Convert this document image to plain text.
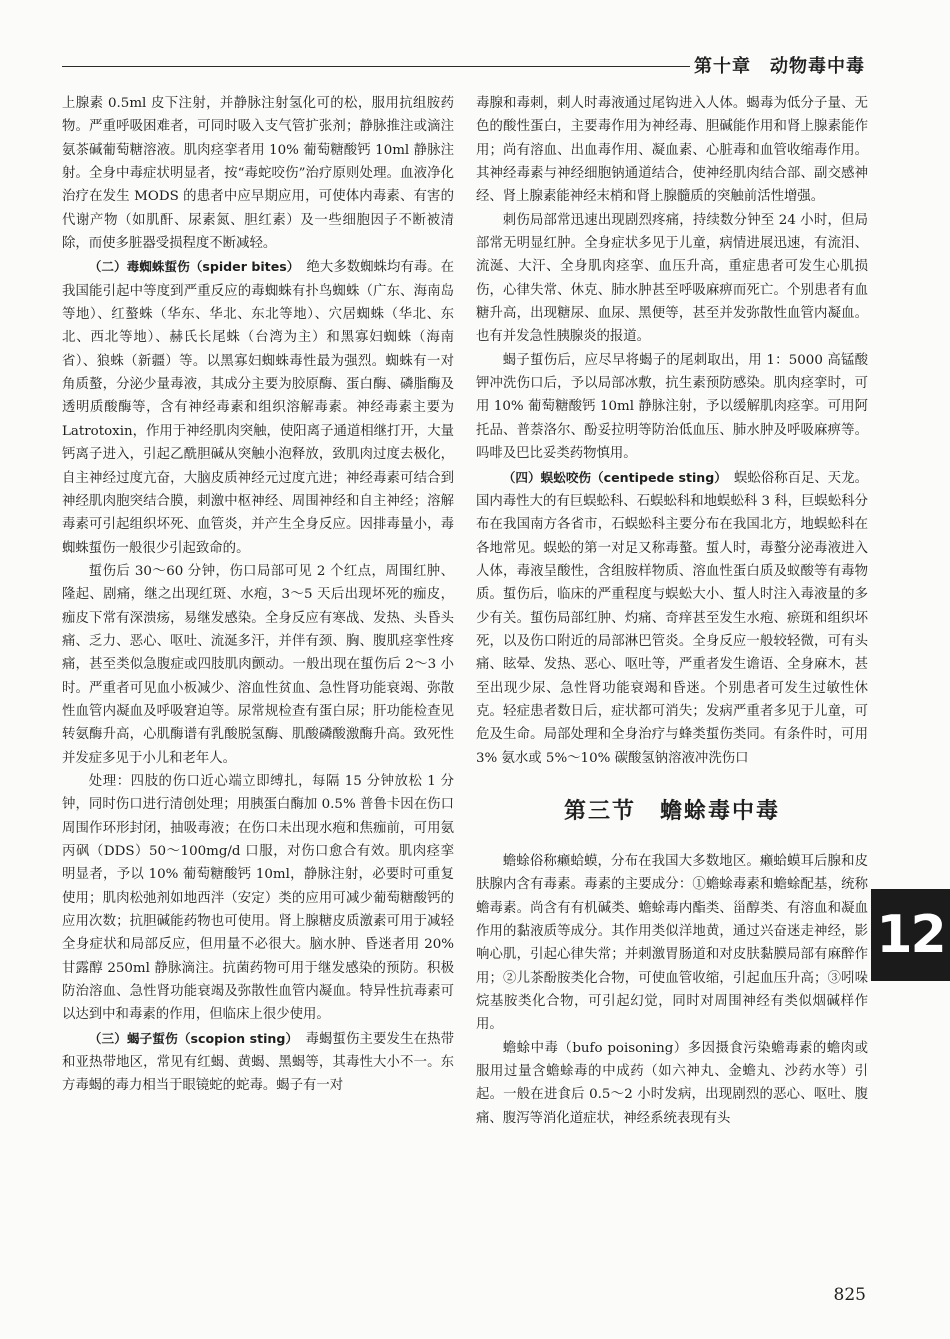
第十章　动物毒中毒

上腺素 0.5ml 皮下注射，并静脉注射氢化可的松，服用抗组胺药物。严重呼吸困难者，可同时吸入支气管扩张剂；静脉推注或滴注氨茶碱葡萄糖溶液。肌肉痉挛者用 10% 葡萄糖酸钙 10ml 静脉注射。全身中毒症状明显者，按“毒蛇咬伤”治疗原则处理。血液净化治疗在发生 MODS 的患者中应早期应用，可使体内毒素、有害的代谢产物（如肌酐、尿素氮、胆红素）及一些细胞因子不断被清除，而使多脏器受损程度不断减轻。

（二）毒蜘蛛蜇伤（spider bites）　 绝大多数蜘蛛均有毒。在我国能引起中等度到严重反应的毒蜘蛛有扑鸟蜘蛛（广东、海南岛等地）、红螯蛛（华东、华北、东北等地）、穴居蜘蛛（华北、东北、西北等地）、赫氏长尾蛛（台湾为主）和黑寡妇蜘蛛（海南省）、狼蛛（新疆）等。以黑寡妇蜘蛛毒性最为强烈。蜘蛛有一对角质螯，分泌少量毒液，其成分主要为胶原酶、蛋白酶、磷脂酶及透明质酸酶等，含有神经毒素和组织溶解毒素。神经毒素主要为 Latrotoxin，作用于神经肌肉突触，使阳离子通道相继打开，大量钙离子进入，引起乙酰胆碱从突触小泡释放，致肌肉过度去极化，自主神经过度亢奋，大脑皮质神经元过度亢进；神经毒素可结合到神经肌肉胞突结合膜，刺激中枢神经、周围神经和自主神经；溶解毒素可引起组织坏死、血管炎，并产生全身反应。因排毒量小，毒蜘蛛蜇伤一般很少引起致命的。

蜇伤后 30～60 分钟，伤口局部可见 2 个红点，周围红肿、隆起、剧痛，继之出现红斑、水疱，3～5 天后出现坏死的痂皮，痂皮下常有深溃疡，易继发感染。全身反应有寒战、发热、头昏头痛、乏力、恶心、呕吐、流涎多汗，并伴有颈、胸、腹肌痉挛性疼痛，甚至类似急腹症或四肢肌肉颤动。一般出现在蜇伤后 2～3 小时。严重者可见血小板减少、溶血性贫血、急性肾功能衰竭、弥散性血管内凝血及呼吸窘迫等。尿常规检查有蛋白尿；肝功能检查见转氨酶升高，心肌酶谱有乳酸脱氢酶、肌酸磷酸激酶升高。致死性并发症多见于小儿和老年人。

处理：四肢的伤口近心端立即缚扎，每隔 15 分钟放松 1 分钟，同时伤口进行清创处理；用胰蛋白酶加 0.5% 普鲁卡因在伤口周围作环形封闭，抽吸毒液；在伤口未出现水疱和焦痂前，可用氨丙砜（DDS）50～100mg/d 口服，对伤口愈合有效。肌肉痉挛明显者，予以 10% 葡萄糖酸钙 10ml，静脉注射，必要时可重复使用；肌肉松弛剂如地西泮（安定）类的应用可减少葡萄糖酸钙的应用次数；抗胆碱能药物也可使用。肾上腺糖皮质激素可用于减轻全身症状和局部反应，但用量不必很大。脑水肿、昏迷者用 20% 甘露醇 250ml 静脉滴注。抗菌药物可用于继发感染的预防。积极防治溶血、急性肾功能衰竭及弥散性血管内凝血。特异性抗毒素可以达到中和毒素的作用，但临床上很少使用。

（三）蝎子蜇伤（scopion sting）　 毒蝎蜇伤主要发生在热带和亚热带地区，常见有红蝎、黄蝎、黑蝎等，其毒性大小不一。东方毒蝎的毒力相当于眼镜蛇的蛇毒。蝎子有一对

毒腺和毒刺，刺人时毒液通过尾钩进入人体。蝎毒为低分子量、无色的酸性蛋白，主要毒作用为神经毒、胆碱能作用和肾上腺素能作用；尚有溶血、出血毒作用、凝血素、心脏毒和血管收缩毒作用。其神经毒素与神经细胞钠通道结合，使神经肌肉结合部、副交感神经、肾上腺素能神经末梢和肾上腺髓质的突触前活性增强。

刺伤局部常迅速出现剧烈疼痛，持续数分钟至 24 小时，但局部常无明显红肿。全身症状多见于儿童，病情进展迅速，有流泪、流涎、大汗、全身肌肉痉挛、血压升高，重症患者可发生心肌损伤，心律失常、休克、肺水肿甚至呼吸麻痹而死亡。个别患者有血糖升高，出现糖尿、血尿、黑便等，甚至并发弥散性血管内凝血。也有并发急性胰腺炎的报道。

蝎子蜇伤后，应尽早将蝎子的尾刺取出，用 1：5000 高锰酸钾冲洗伤口后，予以局部冰敷，抗生素预防感染。肌肉痉挛时，可用 10% 葡萄糖酸钙 10ml 静脉注射，予以缓解肌肉痉挛。可用阿托品、普萘洛尔、酚妥拉明等防治低血压、肺水肿及呼吸麻痹等。吗啡及巴比妥类药物慎用。

（四）蜈蚣咬伤（centipede sting）　 蜈蚣俗称百足、天龙。国内毒性大的有巨蜈蚣科、石蜈蚣科和地蜈蚣科 3 科，巨蜈蚣科分布在我国南方各省市，石蜈蚣科主要分布在我国北方，地蜈蚣科在各地常见。蜈蚣的第一对足又称毒螯。蜇人时，毒螯分泌毒液进入人体，毒液呈酸性，含组胺样物质、溶血性蛋白质及蚁酸等有毒物质。蜇伤后，临床的严重程度与蜈蚣大小、蜇人时注入毒液量的多少有关。蜇伤局部红肿、灼痛、奇痒甚至发生水疱、瘀斑和组织坏死，以及伤口附近的局部淋巴管炎。全身反应一般较轻微，可有头痛、眩晕、发热、恶心、呕吐等，严重者发生谵语、全身麻木，甚至出现少尿、急性肾功能衰竭和昏迷。个别患者可发生过敏性休克。轻症患者数日后，症状都可消失；发病严重者多见于儿童，可危及生命。局部处理和全身治疗与蜂类蜇伤类同。有条件时，可用 3% 氨水或 5%～10% 碳酸氢钠溶液冲洗伤口

第三节　蟾蜍毒中毒

蟾蜍俗称癞蛤蟆，分布在我国大多数地区。癞蛤蟆耳后腺和皮肤腺内含有毒素。毒素的主要成分：①蟾蜍毒素和蟾蜍配基，统称蟾毒素。尚含有有机碱类、蟾蜍毒内酯类、甾醇类、有溶血和凝血作用的黏液质等成分。其作用类似洋地黄，通过兴奋迷走神经，影响心肌，引起心律失常；并刺激胃肠道和对皮肤黏膜局部有麻醉作用；②儿茶酚胺类化合物，可使血管收缩，引起血压升高；③吲哚烷基胺类化合物，可引起幻觉，同时对周围神经有类似烟碱样作用。

蟾蜍中毒（bufo poisoning）多因摄食污染蟾毒素的蟾肉或服用过量含蟾蜍毒的中成药（如六神丸、金蟾丸、沙药水等）引起。一般在进食后 0.5～2 小时发病，出现剧烈的恶心、呕吐、腹痛、腹泻等消化道症状，神经系统表现有头

12
825
